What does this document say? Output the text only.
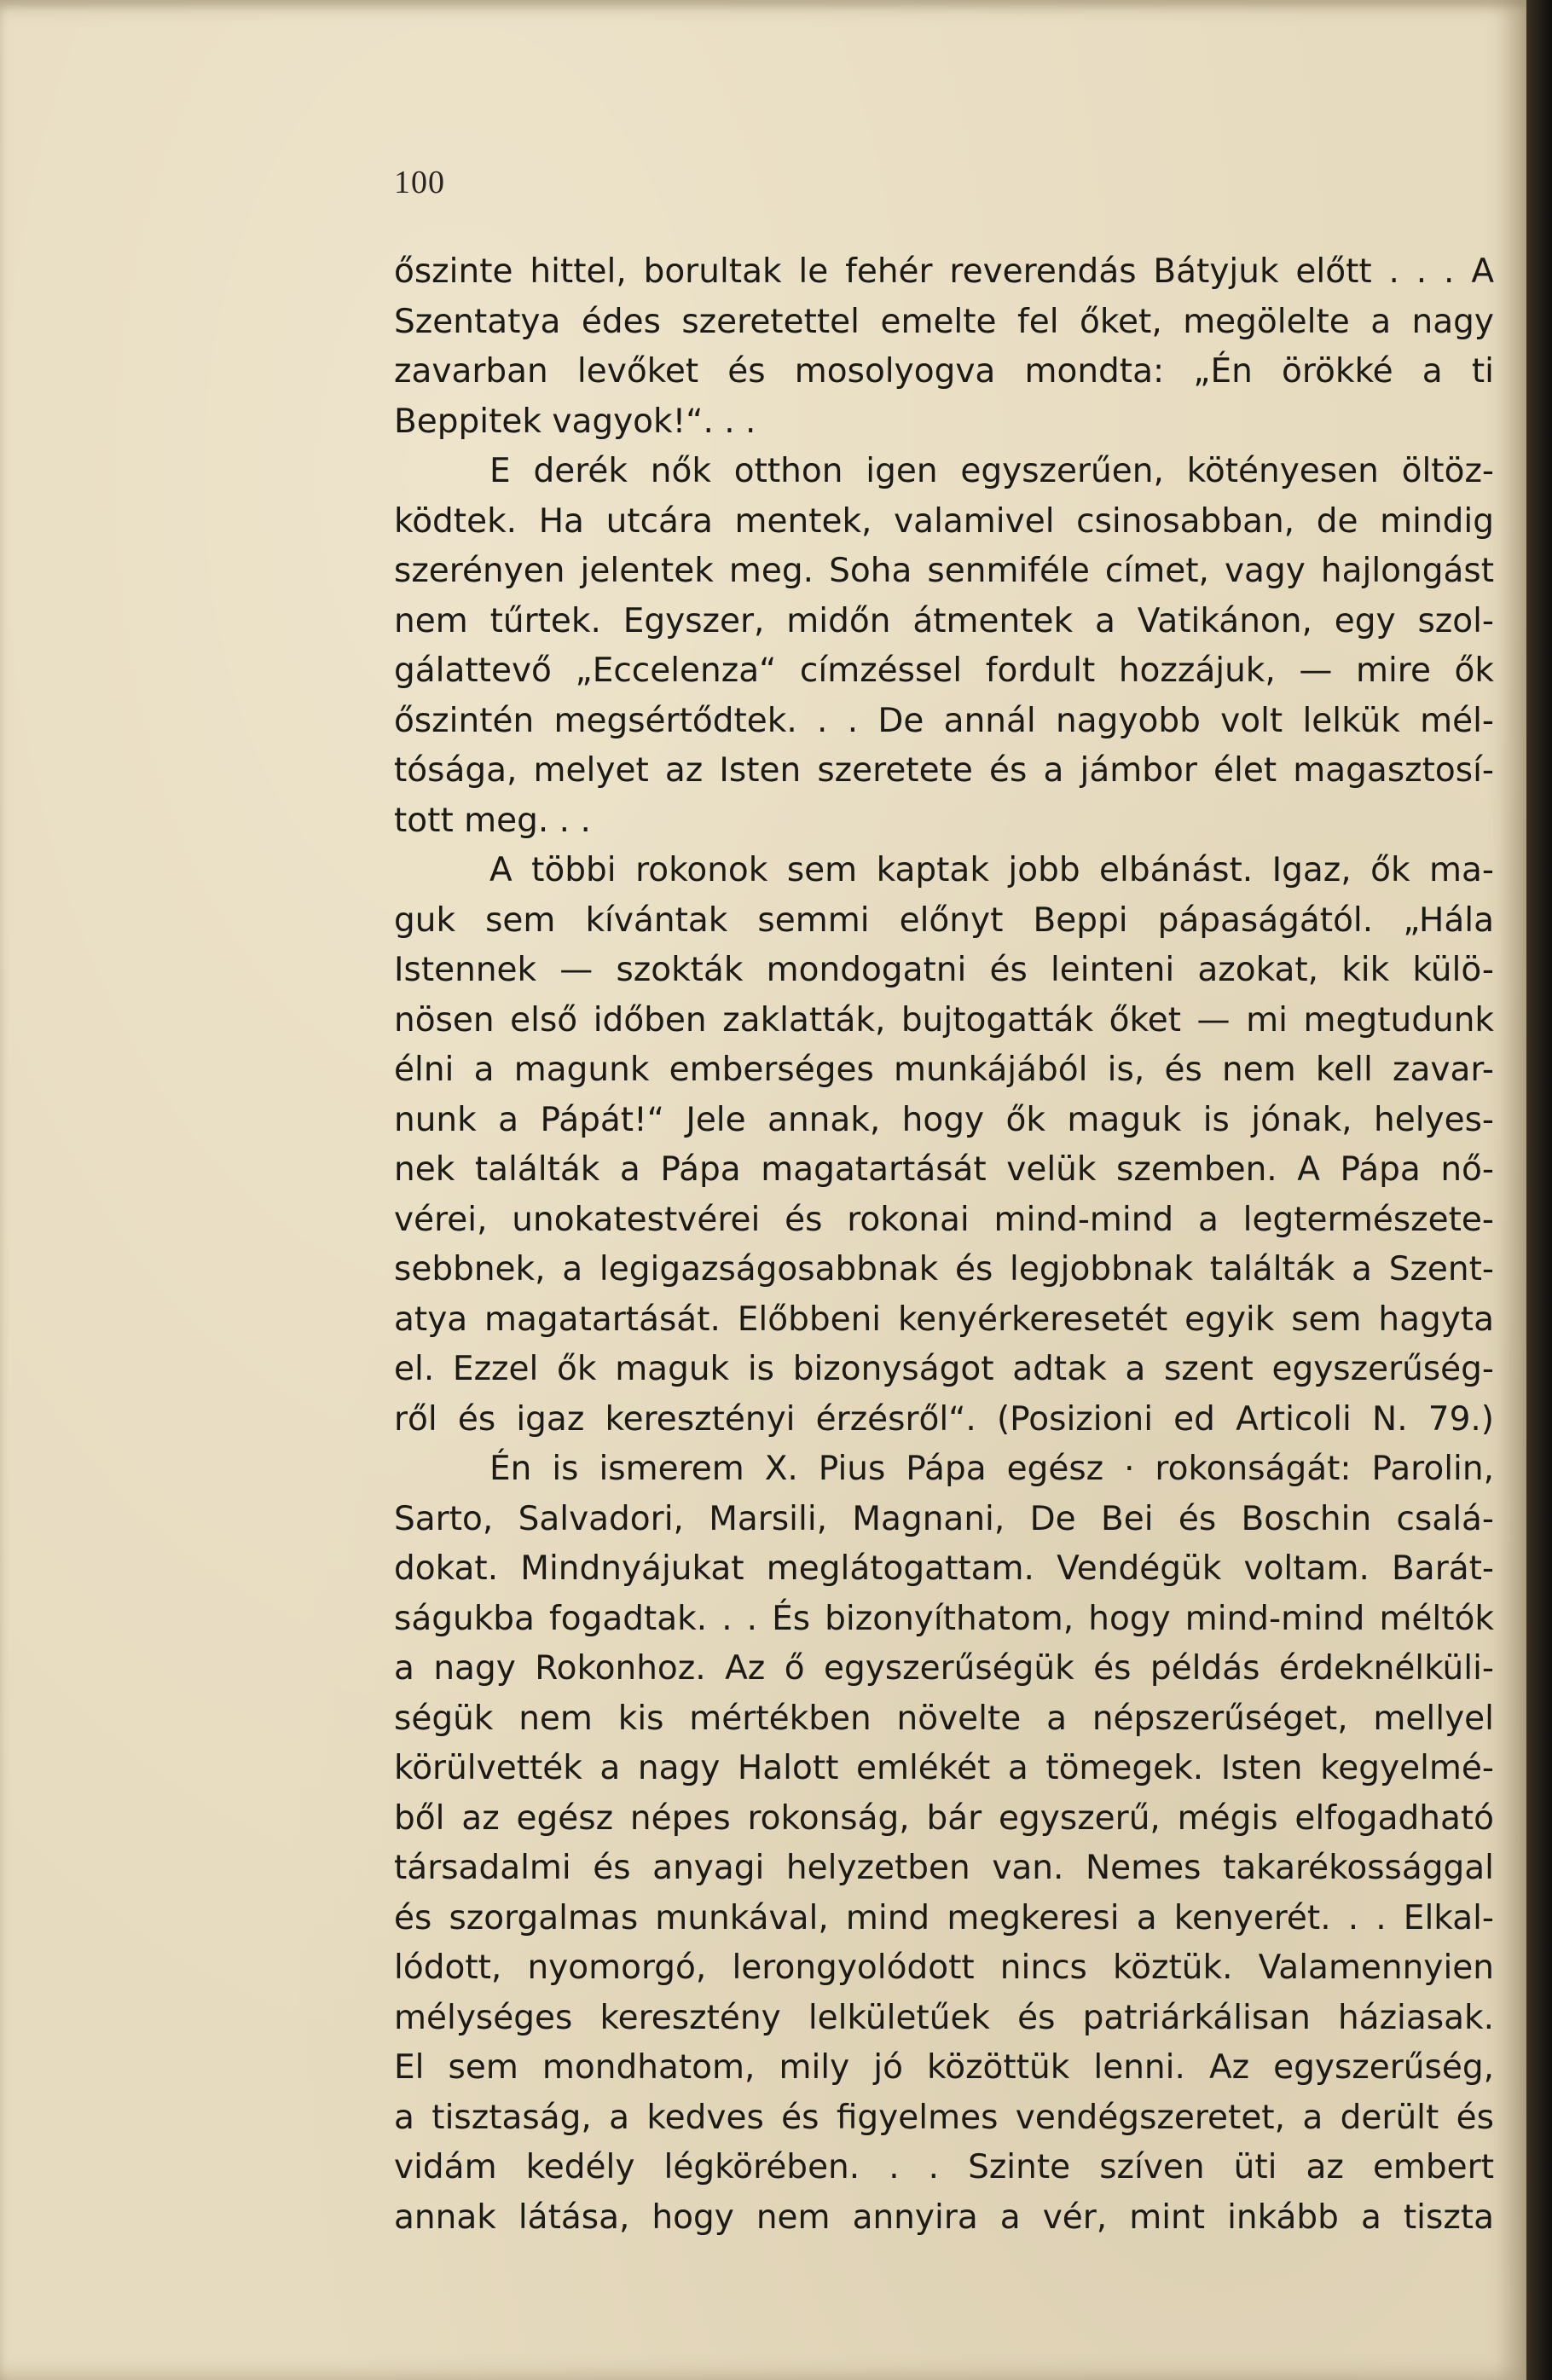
100
őszinte hittel, borultak le fehér reverendás Bátyjuk előtt . . . A
Szentatya édes szeretettel emelte fel őket, megölelte a nagy
zavarban levőket és mosolyogva mondta: „Én örökké a ti
Beppitek vagyok!“. . .
E derék nők otthon igen egyszerűen, kötényesen öltöz-
ködtek. Ha utcára mentek, valamivel csinosabban, de mindig
szerényen jelentek meg. Soha senmiféle címet, vagy hajlongást
nem tűrtek. Egyszer, midőn átmentek a Vatikánon, egy szol-
gálattevő „Eccelenza“ címzéssel fordult hozzájuk, — mire ők
őszintén megsértődtek. . . De annál nagyobb volt lelkük mél-
tósága, melyet az Isten szeretete és a jámbor élet magasztosí-
tott meg. . .
A többi rokonok sem kaptak jobb elbánást. Igaz, ők ma-
guk sem kívántak semmi előnyt Beppi pápaságától. „Hála
Istennek — szokták mondogatni és leinteni azokat, kik külö-
nösen első időben zaklatták, bujtogatták őket — mi megtudunk
élni a magunk emberséges munkájából is, és nem kell zavar-
nunk a Pápát!“ Jele annak, hogy ők maguk is jónak, helyes-
nek találták a Pápa magatartását velük szemben. A Pápa nő-
vérei, unokatestvérei és rokonai mind-mind a legtermészete-
sebbnek, a legigazságosabbnak és legjobbnak találták a Szent-
atya magatartását. Előbbeni kenyérkeresetét egyik sem hagyta
el. Ezzel ők maguk is bizonyságot adtak a szent egyszerűség-
ről és igaz keresztényi érzésről“. (Posizioni ed Articoli N. 79.)
Én is ismerem X. Pius Pápa egész · rokonságát: Parolin,
Sarto, Salvadori, Marsili, Magnani, De Bei és Boschin csalá-
dokat. Mindnyájukat meglátogattam. Vendégük voltam. Barát-
ságukba fogadtak. . . És bizonyíthatom, hogy mind-mind méltók
a nagy Rokonhoz. Az ő egyszerűségük és példás érdeknélküli-
ségük nem kis mértékben növelte a népszerűséget, mellyel
körülvették a nagy Halott emlékét a tömegek. Isten kegyelmé-
ből az egész népes rokonság, bár egyszerű, mégis elfogadható
társadalmi és anyagi helyzetben van. Nemes takarékossággal
és szorgalmas munkával, mind megkeresi a kenyerét. . . Elkal-
lódott, nyomorgó, lerongyolódott nincs köztük. Valamennyien
mélységes keresztény lelkületűek és patriárkálisan háziasak.
El sem mondhatom, mily jó közöttük lenni. Az egyszerűség,
a tisztaság, a kedves és figyelmes vendégszeretet, a derült és
vidám kedély légkörében. . . Szinte szíven üti az embert
annak látása, hogy nem annyira a vér, mint inkább a tiszta
